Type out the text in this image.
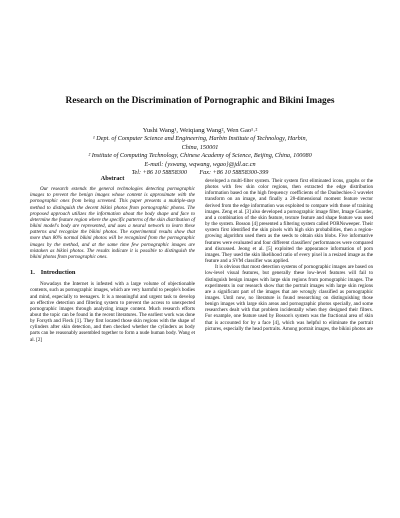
Research on the Discrimination of Pornographic and Bikini Images
Yushi Wang¹, Weiqiang Wang², Wen Gao¹˒²
¹ Dept. of Computer Science and Engineering, Harbin Institute of Technology, Harbin,
China, 150001
² Institute of Computing Technology, Chinese Academy of Science, Beijing, China, 100080
E-mail: {yswang, wqwang, wgao}@jdl.ac.cn
Tel: +86 10 58858300        Fax: +86 10 58858300-399
Abstract

Our research extends the general technologies detecting pornographic images to prevent the benign images whose content is approximate with the pornographic ones from being screened. This paper presents a multiple-step method to distinguish the decent bikini photos from pornographic photos. The proposed approach utilizes the information about the body shape and face to determine the feature region where the specific patterns of the skin distribution of bikini model's body are represented, and uses a neural network to learn these patterns and recognize the bikini photos. The experimental results show that more than 80% normal bikini photos will be recognized from the pornographic images by the method, and at the same time few pornographic images are mistaken as bikini photos. The results indicate it is possible to distinguish the bikini photos from pornographic ones.

1. Introduction

Nowadays the Internet is infested with a large volume of objectionable contents, such as pornographic images, which are very harmful to people's bodies and mind, especially to teenagers. It is a meaningful and urgent task to develop an effective detection and filtering system to prevent the access to unexpected pornographic images through analyzing image content. Much research efforts about the topic can be found in the recent literatures. The earliest work was done by Forsyth and Fleck [1]. They first located those skin regions with the shape of cylinders after skin detection, and then checked whether the cylinders as body parts can be reasonably assembled together to form a nude human body. Wang et al. [2]

developed a multi-filter system. Their system first eliminated icons, graphs or the photos with few skin color regions, then extracted the edge distribution information based on the high frequency coefficients of the Daubechies-3 wavelet transform on an image, and finally a 28-dimensional moment feature vector derived from the edge information was exploited to compare with those of training images. Zeng et al. [3] also developed a pornographic image filter, Image Guarder, and a combination of the skin feature, texture feature and shape feature was used by the system. Bosson [4] presented a filtering system called PORNsweeper. Their system first identified the skin pixels with high skin probabilities, then a region-growing algorithm used them as the seeds to obtain skin blobs. Five informative features were evaluated and four different classifiers' performances were compared and discussed. Jeong et al. [5] exploited the appearance information of porn images. They used the skin likelihood ratio of every pixel in a resized image as the feature and a SVM classifier was applied.

It is obvious that most detection systems of pornographic images are based on low-level visual features, but generally these low-level features will fail to distinguish benign images with large skin regions from pornographic images. The experiments in our research show that the portrait images with large skin regions are a significant part of the images that are wrongly classified as pornographic images. Until now, no literature is found researching on distinguishing those benign images with large skin areas and pornographic photos specially, and some researchers dealt with that problem incidentally when they designed their filters. For example, one feature used by Bosson's system was the fractional area of skin that is accounted for by a face [4], which was helpful to eliminate the portrait pictures, especially the head portraits. Among portrait images, the bikini photos are
